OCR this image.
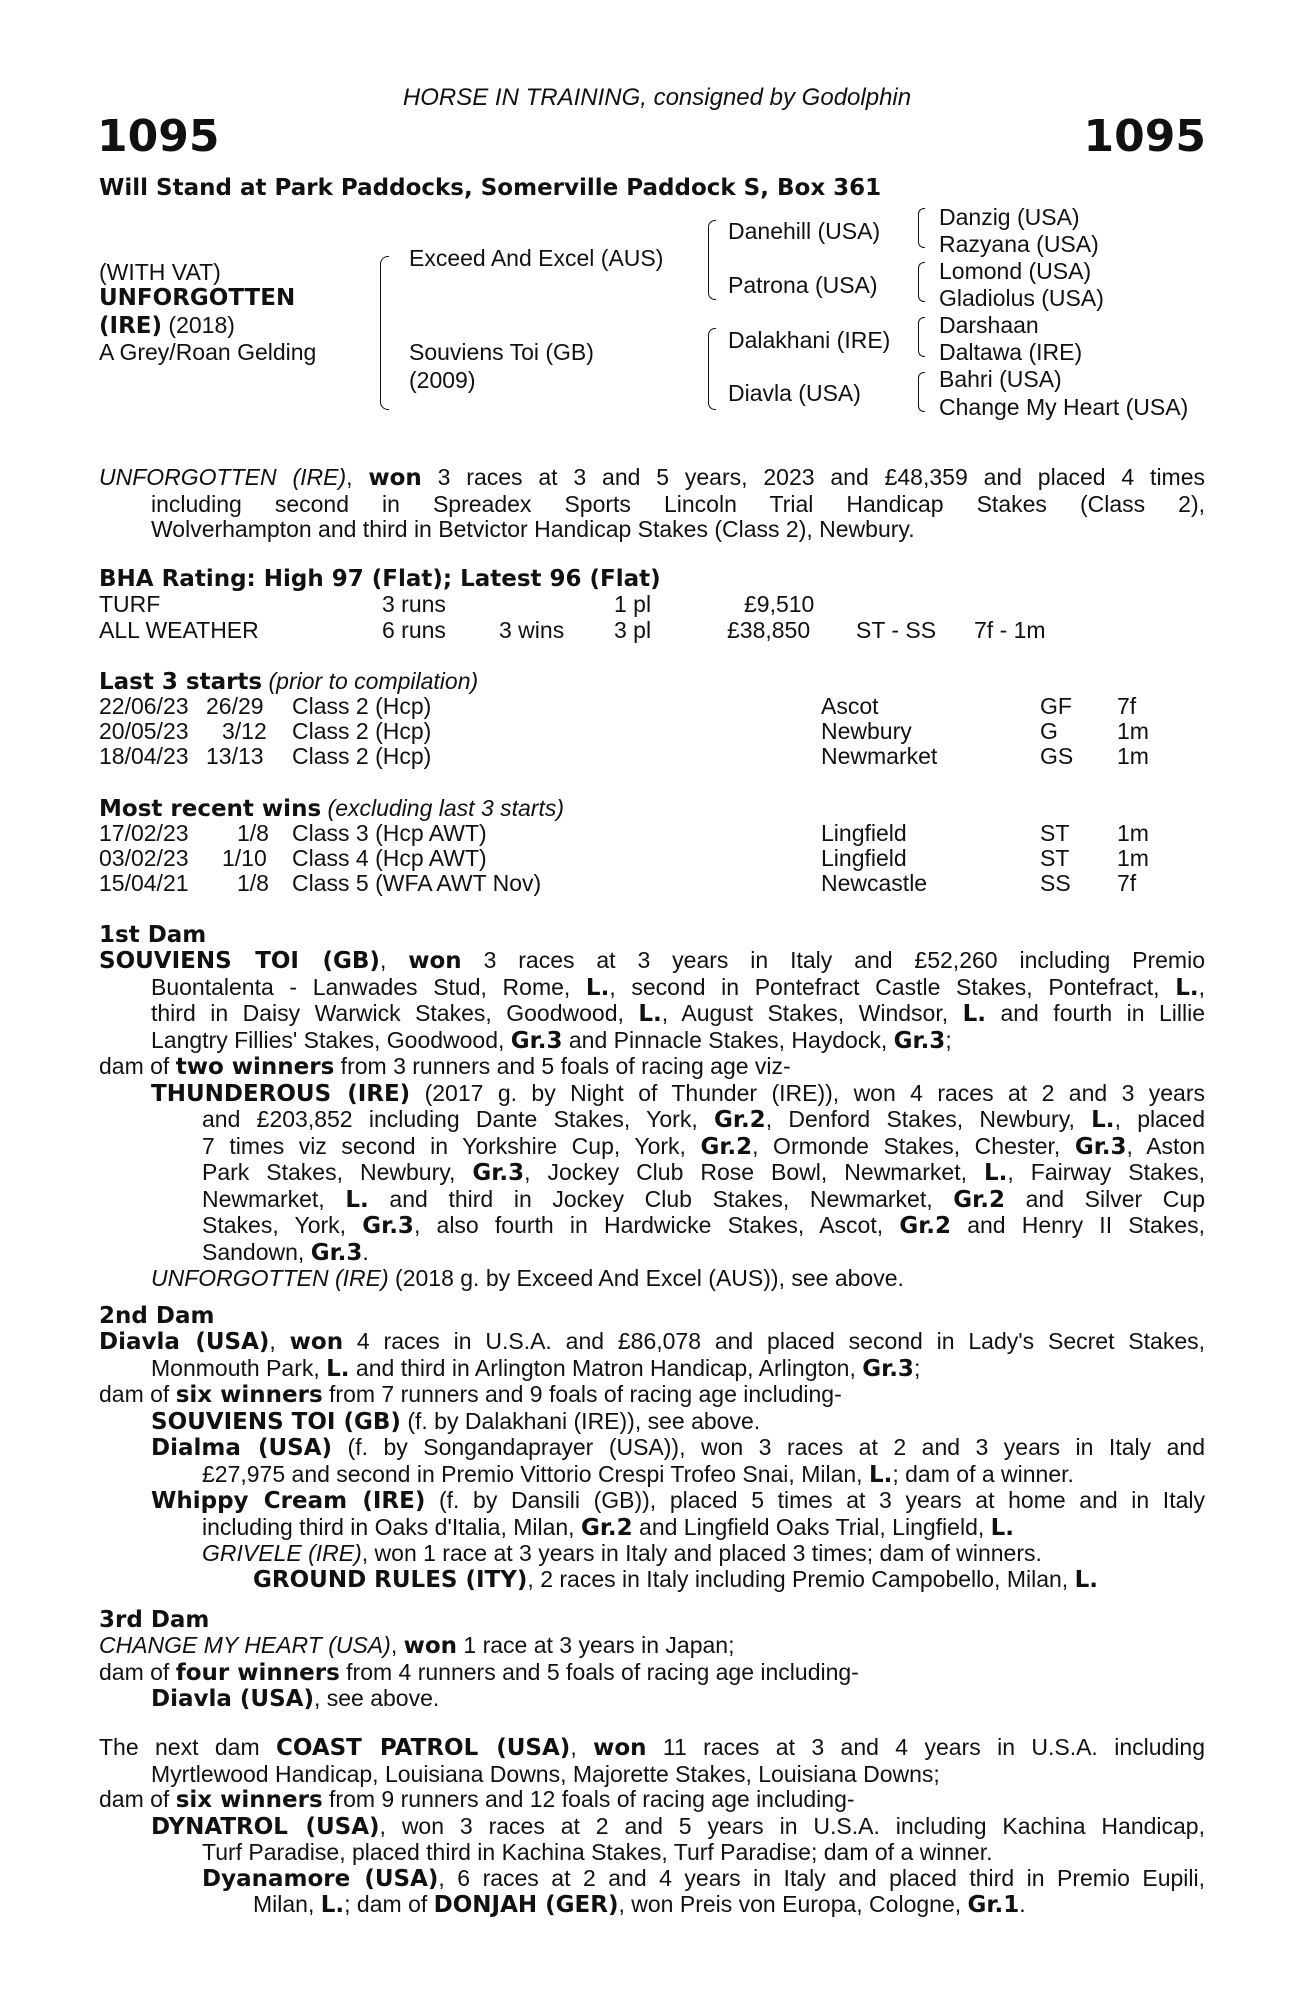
HORSE IN TRAINING, consigned by Godolphin
1095	1095
Will Stand at Park Paddocks, Somerville Paddock S, Box 361
(WITH VAT)
UNFORGOTTEN
(IRE) (2018)
A Grey/Roan Gelding
Exceed And Excel (AUS)
Souviens Toi (GB)
(2009)
Danehill (USA)
Patrona (USA)
Dalakhani (IRE)
Diavla (USA)
Danzig (USA)
Razyana (USA)
Lomond (USA)
Gladiolus (USA)
Darshaan
Daltawa (IRE)
Bahri (USA)
Change My Heart (USA)
UNFORGOTTEN (IRE), won 3 races at 3 and 5 years, 2023 and £48,359 and placed 4 times
including second in Spreadex Sports Lincoln Trial Handicap Stakes (Class 2),
Wolverhampton and third in Betvictor Handicap Stakes (Class 2), Newbury.
BHA Rating: High 97 (Flat); Latest 96 (Flat)
TURF	3 runs	1 pl	£9,510
ALL WEATHER	6 runs 3 wins 3 pl	£38,850 ST - SS 7f - 1m
Last 3 starts (prior to compilation)
22/06/23 26/29 Class 2 (Hcp)	Ascot	GF 7f
20/05/23 3/12 Class 2 (Hcp)	Newbury	G	1m
18/04/23 13/13 Class 2 (Hcp)	Newmarket	GS 1m
Most recent wins (excluding last 3 starts)
17/02/23 1/8 Class 3 (Hcp AWT)	Lingfield	ST 1m
03/02/23 1/10 Class 4 (Hcp AWT)	Lingfield	ST 1m
15/04/21 1/8 Class 5 (WFA AWT Nov)	Newcastle	SS 7f
1st Dam
SOUVIENS TOI (GB), won 3 races at 3 years in Italy and £52,260 including Premio
Buontalenta - Lanwades Stud, Rome, L., second in Pontefract Castle Stakes, Pontefract, L.,
third in Daisy Warwick Stakes, Goodwood, L., August Stakes, Windsor, L. and fourth in Lillie
Langtry Fillies' Stakes, Goodwood, Gr.3 and Pinnacle Stakes, Haydock, Gr.3;
dam of two winners from 3 runners and 5 foals of racing age viz-
THUNDEROUS (IRE) (2017 g. by Night of Thunder (IRE)), won 4 races at 2 and 3 years
and £203,852 including Dante Stakes, York, Gr.2, Denford Stakes, Newbury, L., placed
7 times viz second in Yorkshire Cup, York, Gr.2, Ormonde Stakes, Chester, Gr.3, Aston
Park Stakes, Newbury, Gr.3, Jockey Club Rose Bowl, Newmarket, L., Fairway Stakes,
Newmarket, L. and third in Jockey Club Stakes, Newmarket, Gr.2 and Silver Cup
Stakes, York, Gr.3, also fourth in Hardwicke Stakes, Ascot, Gr.2 and Henry II Stakes,
Sandown, Gr.3.
UNFORGOTTEN (IRE) (2018 g. by Exceed And Excel (AUS)), see above.
2nd Dam
Diavla (USA), won 4 races in U.S.A. and £86,078 and placed second in Lady's Secret Stakes,
Monmouth Park, L. and third in Arlington Matron Handicap, Arlington, Gr.3;
dam of six winners from 7 runners and 9 foals of racing age including-
SOUVIENS TOI (GB) (f. by Dalakhani (IRE)), see above.
Dialma (USA) (f. by Songandaprayer (USA)), won 3 races at 2 and 3 years in Italy and
£27,975 and second in Premio Vittorio Crespi Trofeo Snai, Milan, L.; dam of a winner.
Whippy Cream (IRE) (f. by Dansili (GB)), placed 5 times at 3 years at home and in Italy
including third in Oaks d'Italia, Milan, Gr.2 and Lingfield Oaks Trial, Lingfield, L.
GRIVELE (IRE), won 1 race at 3 years in Italy and placed 3 times; dam of winners.
GROUND RULES (ITY), 2 races in Italy including Premio Campobello, Milan, L.
3rd Dam
CHANGE MY HEART (USA), won 1 race at 3 years in Japan;
dam of four winners from 4 runners and 5 foals of racing age including-
Diavla (USA), see above.
The next dam COAST PATROL (USA), won 11 races at 3 and 4 years in U.S.A. including
Myrtlewood Handicap, Louisiana Downs, Majorette Stakes, Louisiana Downs;
dam of six winners from 9 runners and 12 foals of racing age including-
DYNATROL (USA), won 3 races at 2 and 5 years in U.S.A. including Kachina Handicap,
Turf Paradise, placed third in Kachina Stakes, Turf Paradise; dam of a winner.
Dyanamore (USA), 6 races at 2 and 4 years in Italy and placed third in Premio Eupili,
Milan, L.; dam of DONJAH (GER), won Preis von Europa, Cologne, Gr.1.
